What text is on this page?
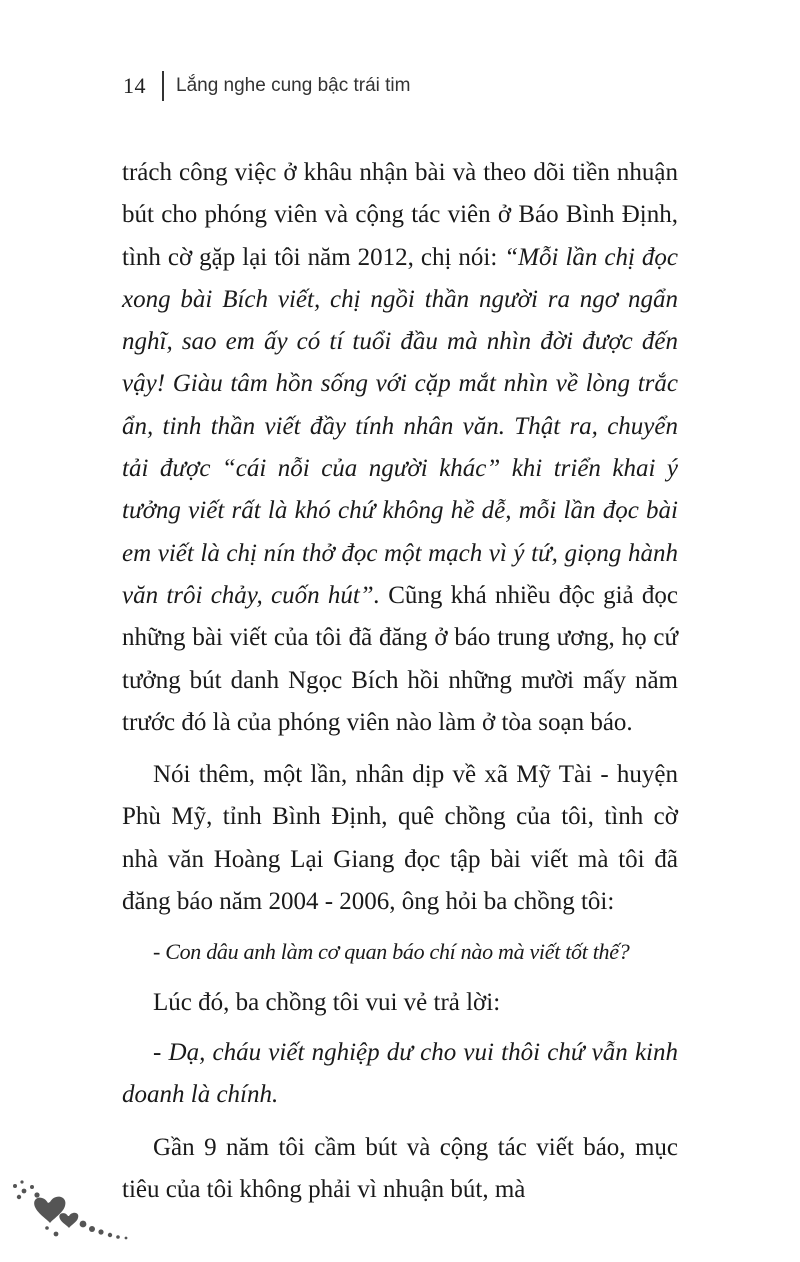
14 Lắng nghe cung bậc trái tim

trách công việc ở khâu nhận bài và theo dõi tiền nhuận bút cho phóng viên và cộng tác viên ở Báo Bình Định, tình cờ gặp lại tôi năm 2012, chị nói: “Mỗi lần chị đọc xong bài Bích viết, chị ngồi thần người ra ngơ ngẩn nghĩ, sao em ấy có tí tuổi đầu mà nhìn đời được đến vậy! Giàu tâm hồn sống với cặp mắt nhìn về lòng trắc ẩn, tinh thần viết đầy tính nhân văn. Thật ra, chuyển tải được “cái nỗi của người khác” khi triển khai ý tưởng viết rất là khó chứ không hề dễ, mỗi lần đọc bài em viết là chị nín thở đọc một mạch vì ý tứ, giọng hành văn trôi chảy, cuốn hút”. Cũng khá nhiều độc giả đọc những bài viết của tôi đã đăng ở báo trung ương, họ cứ tưởng bút danh Ngọc Bích hồi những mười mấy năm trước đó là của phóng viên nào làm ở tòa soạn báo.

Nói thêm, một lần, nhân dịp về xã Mỹ Tài - huyện Phù Mỹ, tỉnh Bình Định, quê chồng của tôi, tình cờ nhà văn Hoàng Lại Giang đọc tập bài viết mà tôi đã đăng báo năm 2004 - 2006, ông hỏi ba chồng tôi:

- Con dâu anh làm cơ quan báo chí nào mà viết tốt thế?

Lúc đó, ba chồng tôi vui vẻ trả lời:

- Dạ, cháu viết nghiệp dư cho vui thôi chứ vẫn kinh doanh là chính.

Gần 9 năm tôi cầm bút và cộng tác viết báo, mục tiêu của tôi không phải vì nhuận bút, mà
